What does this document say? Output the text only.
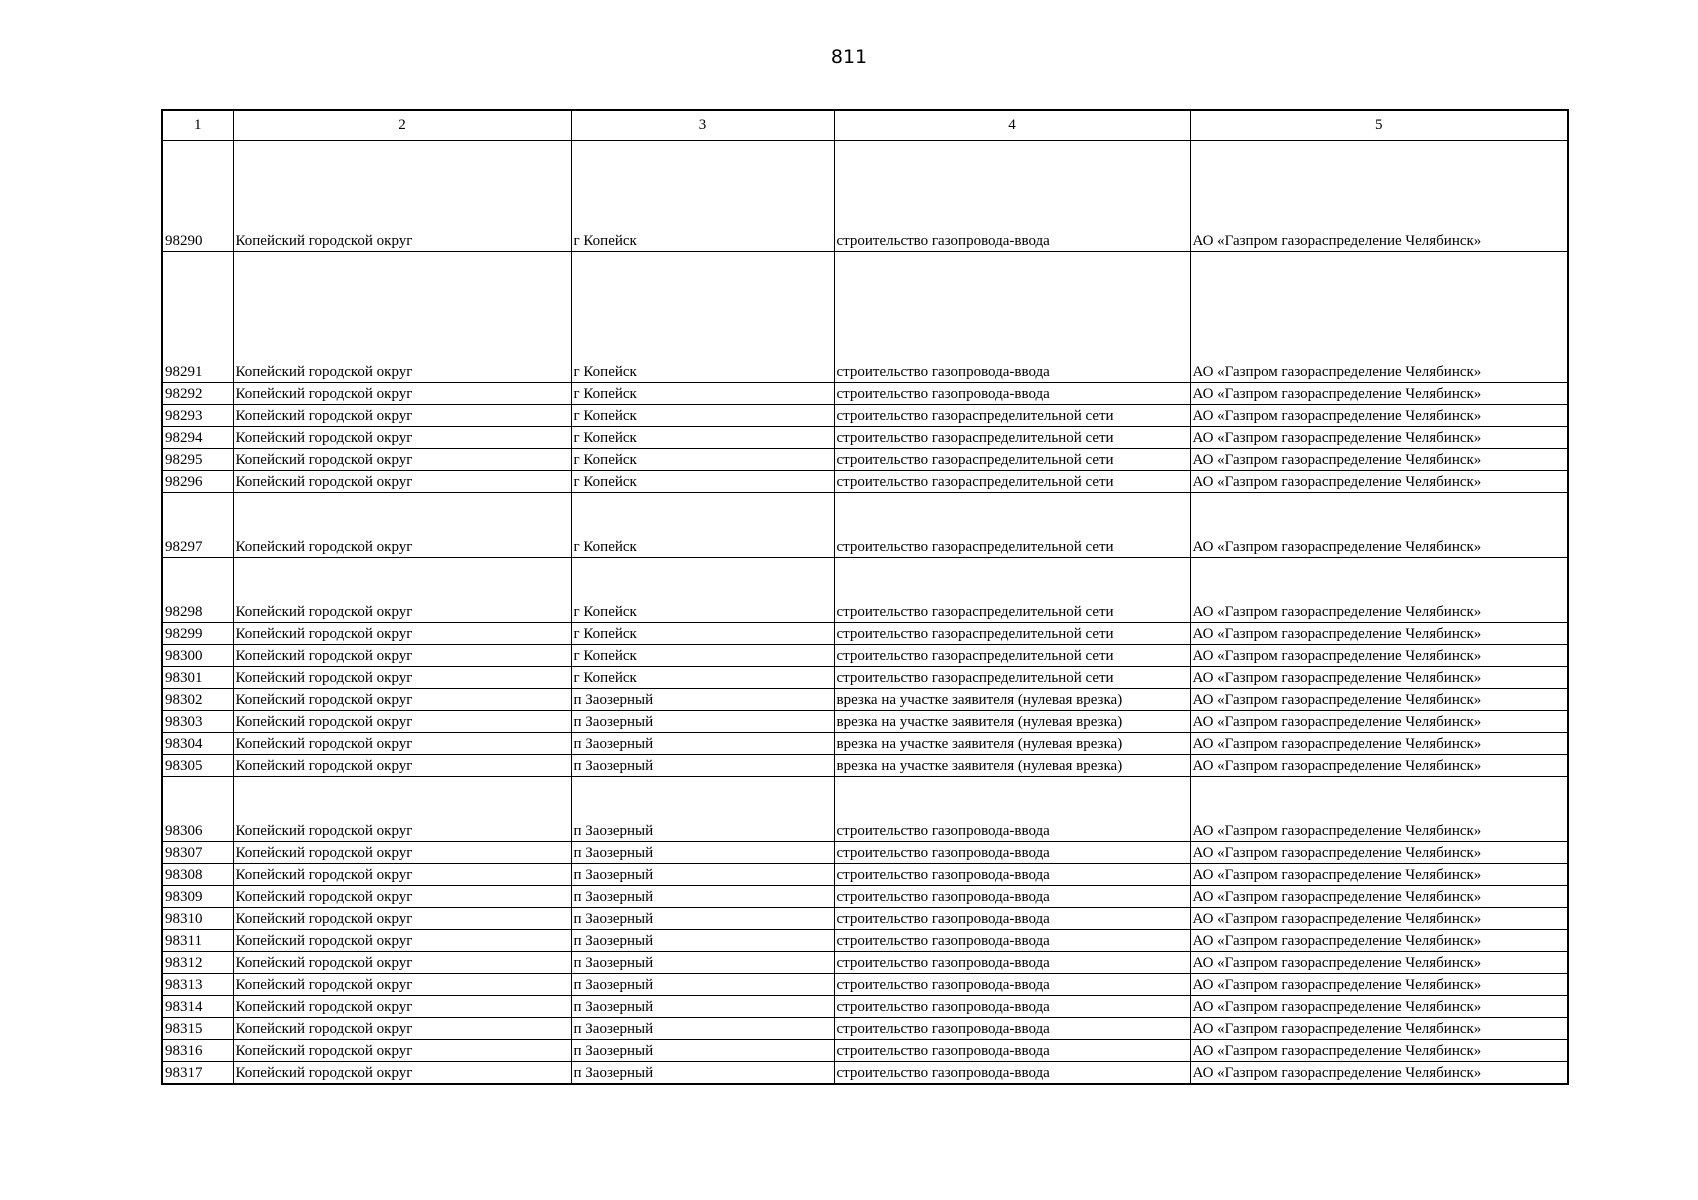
811
1	2	3	4	5
98290	Копейский городской округ	г Копейск	строительство газопровода-ввода	АО «Газпром газораспределение Челябинск»
98291	Копейский городской округ	г Копейск	строительство газопровода-ввода	АО «Газпром газораспределение Челябинск»
98292	Копейский городской округ	г Копейск	строительство газопровода-ввода	АО «Газпром газораспределение Челябинск»
98293	Копейский городской округ	г Копейск	строительство газораспределительной сети	АО «Газпром газораспределение Челябинск»
98294	Копейский городской округ	г Копейск	строительство газораспределительной сети	АО «Газпром газораспределение Челябинск»
98295	Копейский городской округ	г Копейск	строительство газораспределительной сети	АО «Газпром газораспределение Челябинск»
98296	Копейский городской округ	г Копейск	строительство газораспределительной сети	АО «Газпром газораспределение Челябинск»
98297	Копейский городской округ	г Копейск	строительство газораспределительной сети	АО «Газпром газораспределение Челябинск»
98298	Копейский городской округ	г Копейск	строительство газораспределительной сети	АО «Газпром газораспределение Челябинск»
98299	Копейский городской округ	г Копейск	строительство газораспределительной сети	АО «Газпром газораспределение Челябинск»
98300	Копейский городской округ	г Копейск	строительство газораспределительной сети	АО «Газпром газораспределение Челябинск»
98301	Копейский городской округ	г Копейск	строительство газораспределительной сети	АО «Газпром газораспределение Челябинск»
98302	Копейский городской округ	п Заозерный	врезка на участке заявителя (нулевая врезка)	АО «Газпром газораспределение Челябинск»
98303	Копейский городской округ	п Заозерный	врезка на участке заявителя (нулевая врезка)	АО «Газпром газораспределение Челябинск»
98304	Копейский городской округ	п Заозерный	врезка на участке заявителя (нулевая врезка)	АО «Газпром газораспределение Челябинск»
98305	Копейский городской округ	п Заозерный	врезка на участке заявителя (нулевая врезка)	АО «Газпром газораспределение Челябинск»
98306	Копейский городской округ	п Заозерный	строительство газопровода-ввода	АО «Газпром газораспределение Челябинск»
98307	Копейский городской округ	п Заозерный	строительство газопровода-ввода	АО «Газпром газораспределение Челябинск»
98308	Копейский городской округ	п Заозерный	строительство газопровода-ввода	АО «Газпром газораспределение Челябинск»
98309	Копейский городской округ	п Заозерный	строительство газопровода-ввода	АО «Газпром газораспределение Челябинск»
98310	Копейский городской округ	п Заозерный	строительство газопровода-ввода	АО «Газпром газораспределение Челябинск»
98311	Копейский городской округ	п Заозерный	строительство газопровода-ввода	АО «Газпром газораспределение Челябинск»
98312	Копейский городской округ	п Заозерный	строительство газопровода-ввода	АО «Газпром газораспределение Челябинск»
98313	Копейский городской округ	п Заозерный	строительство газопровода-ввода	АО «Газпром газораспределение Челябинск»
98314	Копейский городской округ	п Заозерный	строительство газопровода-ввода	АО «Газпром газораспределение Челябинск»
98315	Копейский городской округ	п Заозерный	строительство газопровода-ввода	АО «Газпром газораспределение Челябинск»
98316	Копейский городской округ	п Заозерный	строительство газопровода-ввода	АО «Газпром газораспределение Челябинск»
98317	Копейский городской округ	п Заозерный	строительство газопровода-ввода	АО «Газпром газораспределение Челябинск»
